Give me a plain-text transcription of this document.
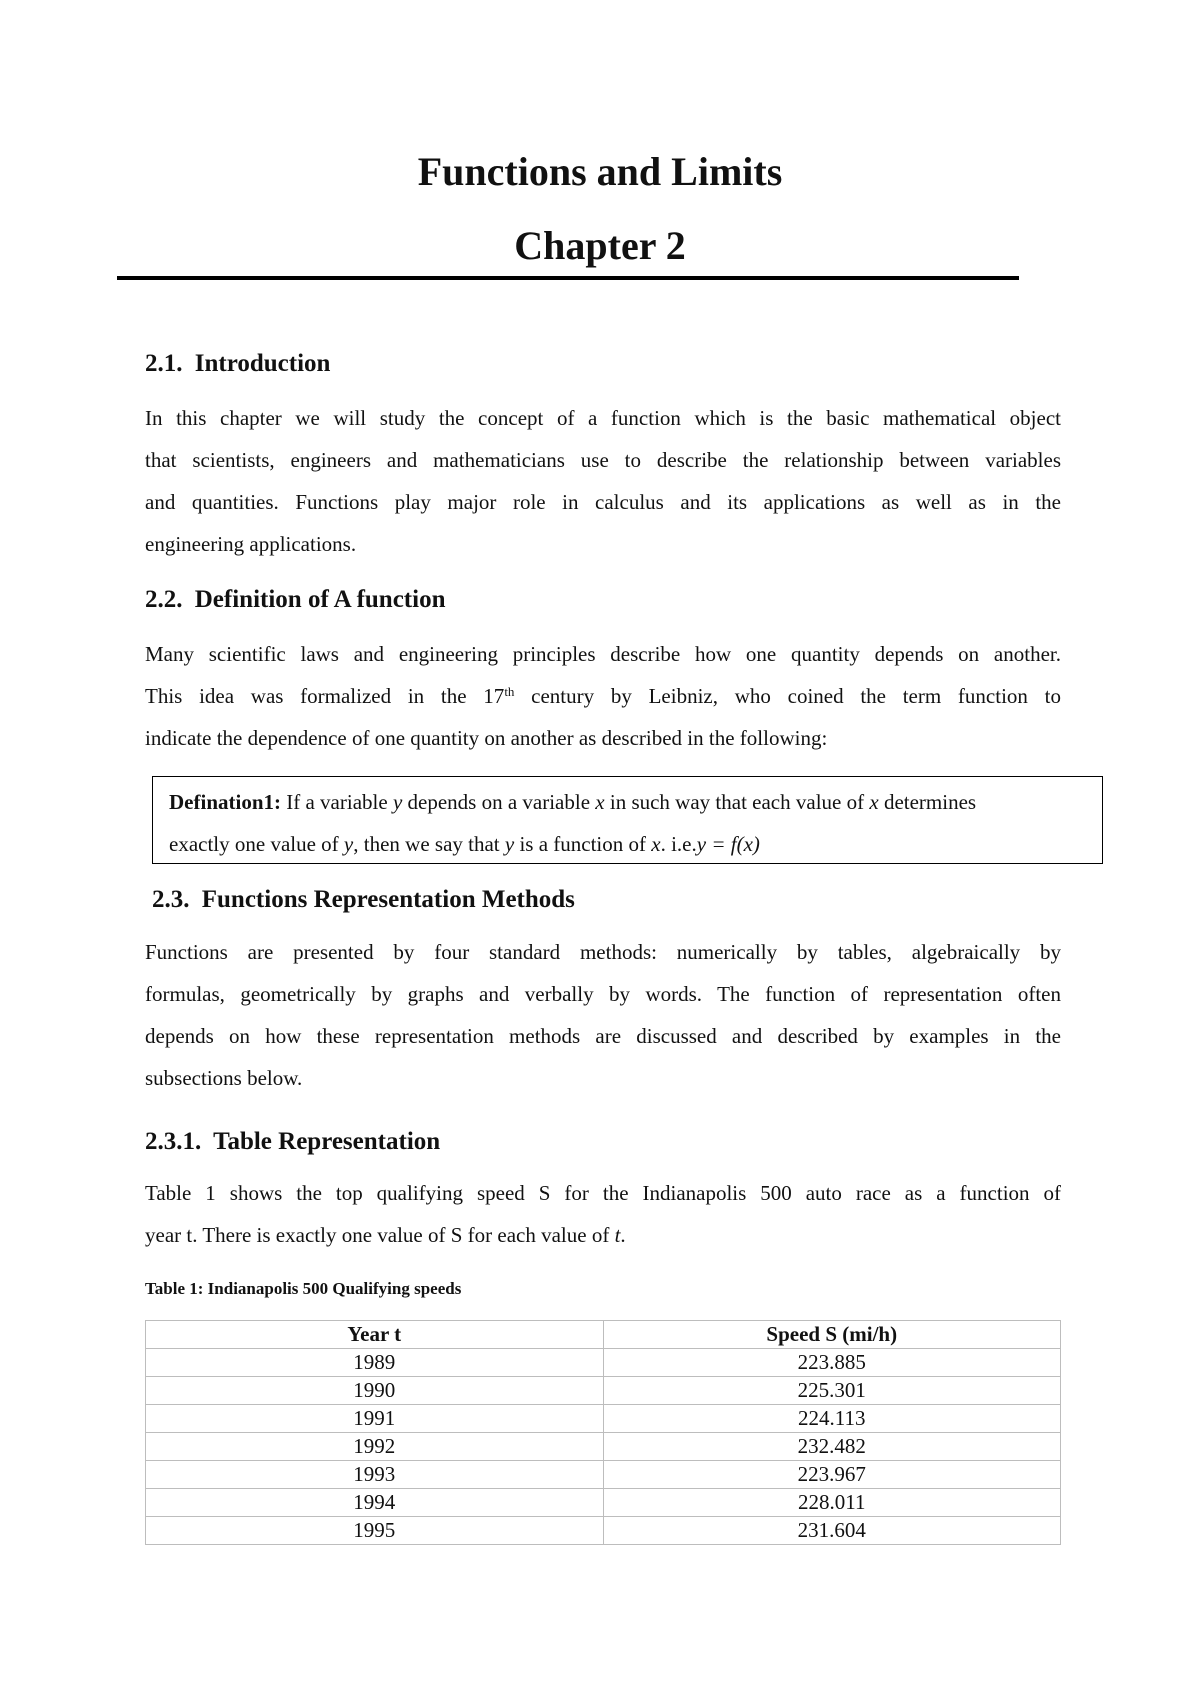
Functions and Limits
Chapter 2
2.1. Introduction
In this chapter we will study the concept of a function which is the basic mathematical object
that scientists, engineers and mathematicians use to describe the relationship between variables
and quantities. Functions play major role in calculus and its applications as well as in the
engineering applications.
2.2. Definition of A function
Many scientific laws and engineering principles describe how one quantity depends on another.
This idea was formalized in the 17th century by Leibniz, who coined the term function to
indicate the dependence of one quantity on another as described in the following:
Defination1: If a variable y depends on a variable x in such way that each value of x determines
exactly one value of y, then we say that y is a function of x. i.e.y = f(x)
2.3. Functions Representation Methods
Functions are presented by four standard methods: numerically by tables, algebraically by
formulas, geometrically by graphs and verbally by words. The function of representation often
depends on how these representation methods are discussed and described by examples in the
subsections below.
2.3.1. Table Representation
Table 1 shows the top qualifying speed S for the Indianapolis 500 auto race as a function of
year t. There is exactly one value of S for each value of t.

Table 1: Indianapolis 500 Qualifying speeds

Year t	Speed S (mi/h)
1989	223.885
1990	225.301
1991	224.113
1992	232.482
1993	223.967
1994	228.011
1995	231.604
